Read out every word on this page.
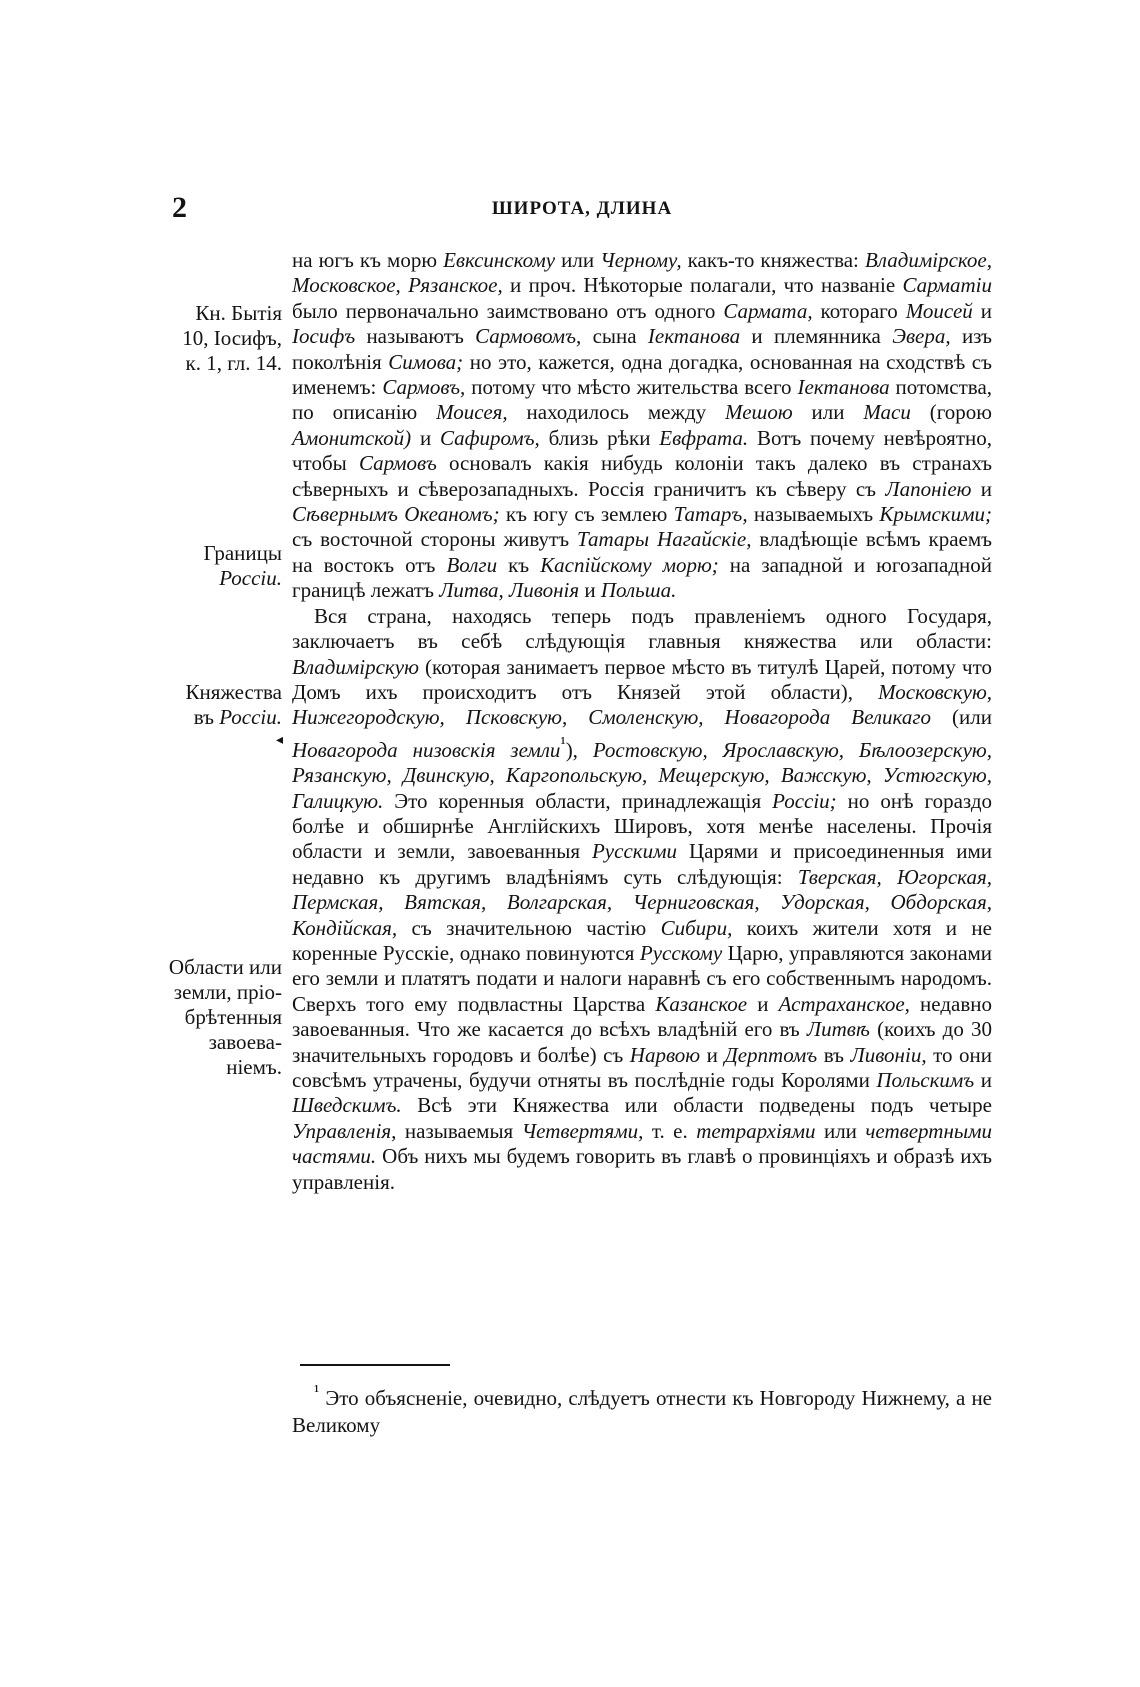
2	ШИРОТА, ДЛИНА
Кн. Бытія
10, Іосифъ,
к. 1, гл. 14.
Границы
Россіи.
Княжества
въ Россіи.
Области или
земли, пріо-
брѣтенныя
завоева-
ніемъ.
◂

на югъ къ морю Евксинскому или Черному, какъ-то княжества: Владимірское, Московское, Рязанское, и проч. Нѣкоторые полагали, что названіе Сарматіи было первоначально заимствовано отъ одного Сармата, котораго Моисей и Іосифъ называютъ Сармовомъ, сына Іектанова и племянника Эвера, изъ поколѣнія Симова; но это, кажется, одна догадка, основанная на сходствѣ съ именемъ: Сармовъ, потому что мѣсто жительства всего Іектанова потомства, по описанію Моисея, находилось между Мешою или Маси (горою Амонитской) и Сафиромъ, близь рѣки Евфрата. Вотъ почему невѣроятно, чтобы Сармовъ основалъ какія нибудь колоніи такъ далеко въ странахъ сѣверныхъ и сѣверозападныхъ. Россія граничитъ къ сѣверу съ Лапоніею и Сѣвернымъ Океаномъ; къ югу съ землею Татаръ, называемыхъ Крымскими; съ восточной стороны живутъ Татары Нагайскіе, владѣющіе всѣмъ краемъ на востокъ отъ Волги къ Каспійскому морю; на западной и югозападной границѣ лежатъ Литва, Ливонія и Польша.

Вся страна, находясь теперь подъ правленіемъ одного Государя, заключаетъ въ себѣ слѣдующія главныя княжества или области: Владимірскую (которая занимаетъ первое мѣсто въ титулѣ Царей, потому что Домъ ихъ происходитъ отъ Князей этой области), Московскую, Нижегородскую, Псковскую, Смоленскую, Новагорода Великаго (или Новагорода низовскія земли$^{^1}$), Ростовскую, Ярославскую, Бѣлоозерскую, Рязанскую, Двинскую, Каргопольскую, Мещерскую, Важскую, Устюгскую, Галицкую. Это коренныя области, принадлежащія Россіи; но онѣ гораздо болѣе и обширнѣе Англійскихъ Шировъ, хотя менѣе населены. Прочія области и земли, завоеванныя Русскими Царями и присоединенныя ими недавно къ другимъ владѣніямъ суть слѣдующія: Тверская, Югорская, Пермская, Вятская, Волгарская, Черниговская, Удорская, Обдорская, Кондійская, съ значительною частію Сибири, коихъ жители хотя и не коренные Русскіе, однако повинуются Русскому Царю, управляются законами его земли и платятъ подати и налоги наравнѣ съ его собственнымъ народомъ. Сверхъ того ему подвластны Царства Казанское и Астраханское, недавно завоеванныя. Что же касается до всѣхъ владѣній его въ Литвѣ (коихъ до 30 значительныхъ городовъ и болѣе) съ Нарвою и Дерптомъ въ Ливоніи, то они совсѣмъ утрачены, будучи отняты въ послѣдніе годы Королями Польскимъ и Шведскимъ. Всѣ эти Княжества или области подведены подъ четыре Управленія, называемыя Четвертями, т. е. тетрархіями или четвертными частями. Объ нихъ мы будемъ говорить въ главѣ о провинціяхъ и образѣ ихъ управленія.

$^{^1}$ Это объясненіе, очевидно, слѣдуетъ отнести къ Новгороду Нижнему, а не Великому
